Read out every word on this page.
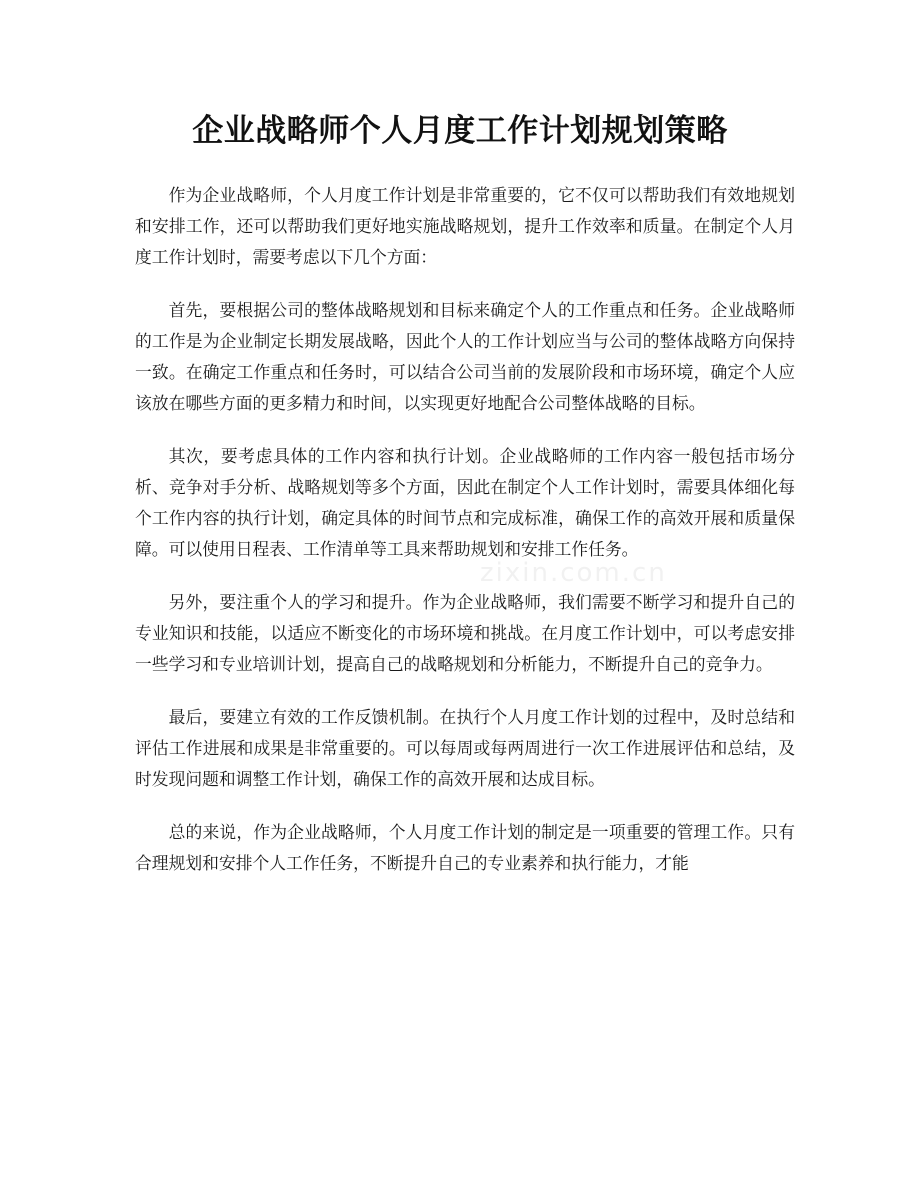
企业战略师个人月度工作计划规划策略

作为企业战略师，个人月度工作计划是非常重要的，它不仅可以帮助我们有效地规划和安排工作，还可以帮助我们更好地实施战略规划，提升工作效率和质量。在制定个人月度工作计划时，需要考虑以下几个方面：

首先，要根据公司的整体战略规划和目标来确定个人的工作重点和任务。企业战略师的工作是为企业制定长期发展战略，因此个人的工作计划应当与公司的整体战略方向保持一致。在确定工作重点和任务时，可以结合公司当前的发展阶段和市场环境，确定个人应该放在哪些方面的更多精力和时间，以实现更好地配合公司整体战略的目标。

其次，要考虑具体的工作内容和执行计划。企业战略师的工作内容一般包括市场分析、竞争对手分析、战略规划等多个方面，因此在制定个人工作计划时，需要具体细化每个工作内容的执行计划，确定具体的时间节点和完成标准，确保工作的高效开展和质量保障。可以使用日程表、工作清单等工具来帮助规划和安排工作任务。

另外，要注重个人的学习和提升。作为企业战略师，我们需要不断学习和提升自己的专业知识和技能，以适应不断变化的市场环境和挑战。在月度工作计划中，可以考虑安排一些学习和专业培训计划，提高自己的战略规划和分析能力，不断提升自己的竞争力。

最后，要建立有效的工作反馈机制。在执行个人月度工作计划的过程中，及时总结和评估工作进展和成果是非常重要的。可以每周或每两周进行一次工作进展评估和总结，及时发现问题和调整工作计划，确保工作的高效开展和达成目标。

总的来说，作为企业战略师，个人月度工作计划的制定是一项重要的管理工作。只有合理规划和安排个人工作任务，不断提升自己的专业素养和执行能力，才能

zixin.com.cn
